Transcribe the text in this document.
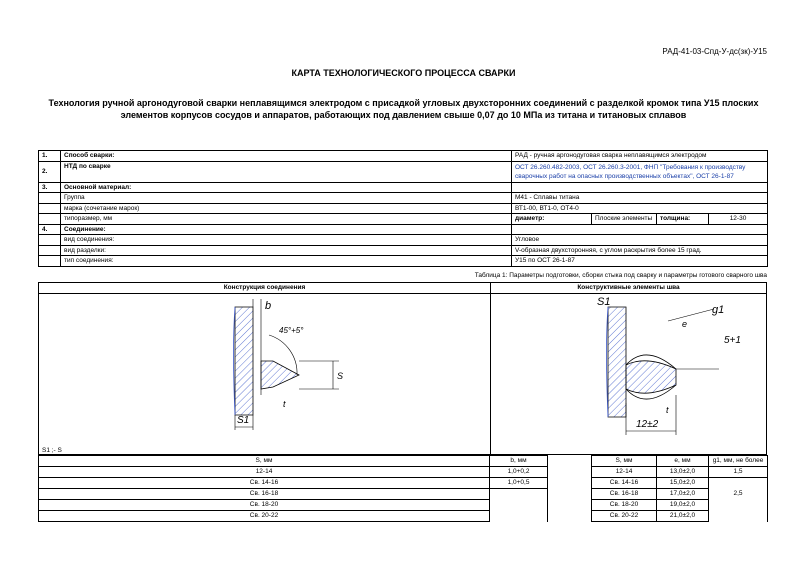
РАД-41-03-Спд-У-дс(зк)-У15
КАРТА ТЕХНОЛОГИЧЕСКОГО ПРОЦЕССА СВАРКИ
Технология ручной аргонодуговой сварки неплавящимся электродом с присадкой угловых двухсторонних соединений с разделкой кромок типа У15 плоских элементов корпусов сосудов и аппаратов, работающих под давлением свыше 0,07 до 10 МПа из титана и титановых сплавов
1.	Способ сварки:	РАД - ручная аргонодуговая сварка неплавящимся электродом			
2.	НТД по сварке	ОСТ 26.260.482-2003, ОСТ 26.260.3-2001, ФНП "Требования к производству сварочных работ на опасных производственных объектах", ОСТ 26-1-87			
3.	Основной материал:				
	Группа	М41 - Сплавы титана			
	марка (сочетание марок)	ВТ1-00, ВТ1-0, ОТ4-0			
	типоразмер, мм	диаметр:	Плоские элементы	толщина:	12-30
4.	Соединение:				
	вид соединения:	Угловое			
	вид разделки:	V-образная двухсторонняя, с углом раскрытия более 15 град.			
	тип соединения:	У15 по ОСТ 26-1-87			
Таблица 1: Параметры подготовки, сборки стыка под сварку и параметры готового сварного шва
Конструкция соединения	Конструктивные элементы шва
b
45°+5°
S
S1
t
S1
g1
e
5+1
t
12±2
S1 ;- S
S, мм	b, мм		S, мм	e, мм	g1, мм, не более
12-14	1,0+0,2		12-14	13,0±2,0	1,5
Св. 14-16	1,0+0,5		Св. 14-16	15,0±2,0	
Св. 16-18			Св. 16-18	17,0±2,0	2,5
Св. 18-20			Св. 18-20	19,0±2,0	
Св. 20-22			Св. 20-22	21,0±2,0	
